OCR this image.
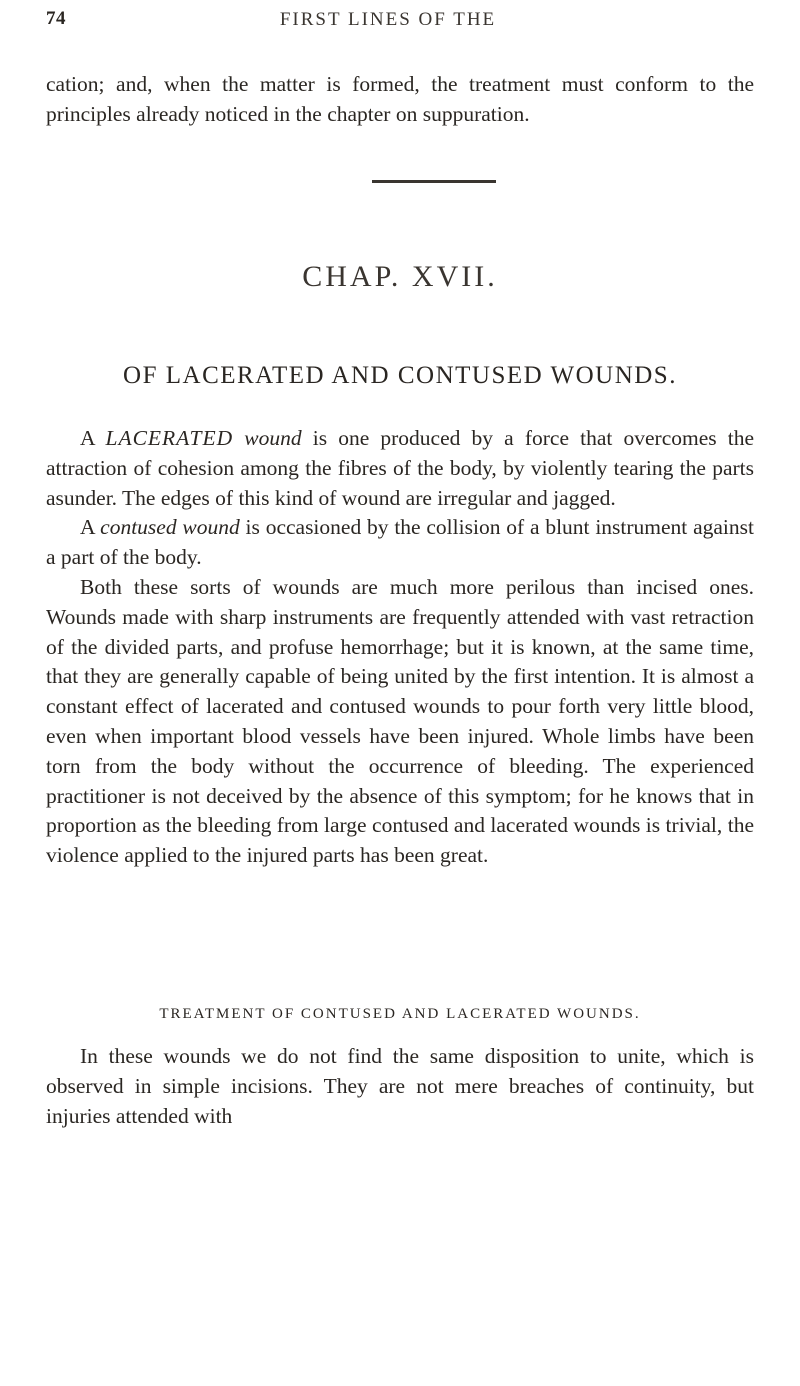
74	FIRST LINES OF THE

cation; and, when the matter is formed, the treatment must conform to the principles already noticed in the chapter on suppuration.

CHAP. XVII.
OF LACERATED AND CONTUSED WOUNDS.

A LACERATED wound is one produced by a force that overcomes the attraction of cohesion among the fibres of the body, by violently tearing the parts asunder. The edges of this kind of wound are irregular and jagged.

A contused wound is occasioned by the collision of a blunt instrument against a part of the body.

Both these sorts of wounds are much more perilous than incised ones. Wounds made with sharp instruments are frequently attended with vast retraction of the divided parts, and profuse hemorrhage; but it is known, at the same time, that they are generally capable of being united by the first intention. It is almost a constant effect of lacerated and contused wounds to pour forth very little blood, even when important blood vessels have been injured. Whole limbs have been torn from the body without the occurrence of bleeding. The experienced practitioner is not deceived by the absence of this symptom; for he knows that in proportion as the bleeding from large contused and lacerated wounds is trivial, the violence applied to the injured parts has been great.

TREATMENT OF CONTUSED AND LACERATED WOUNDS.

In these wounds we do not find the same disposition to unite, which is observed in simple incisions. They are not mere breaches of continuity, but injuries attended with
